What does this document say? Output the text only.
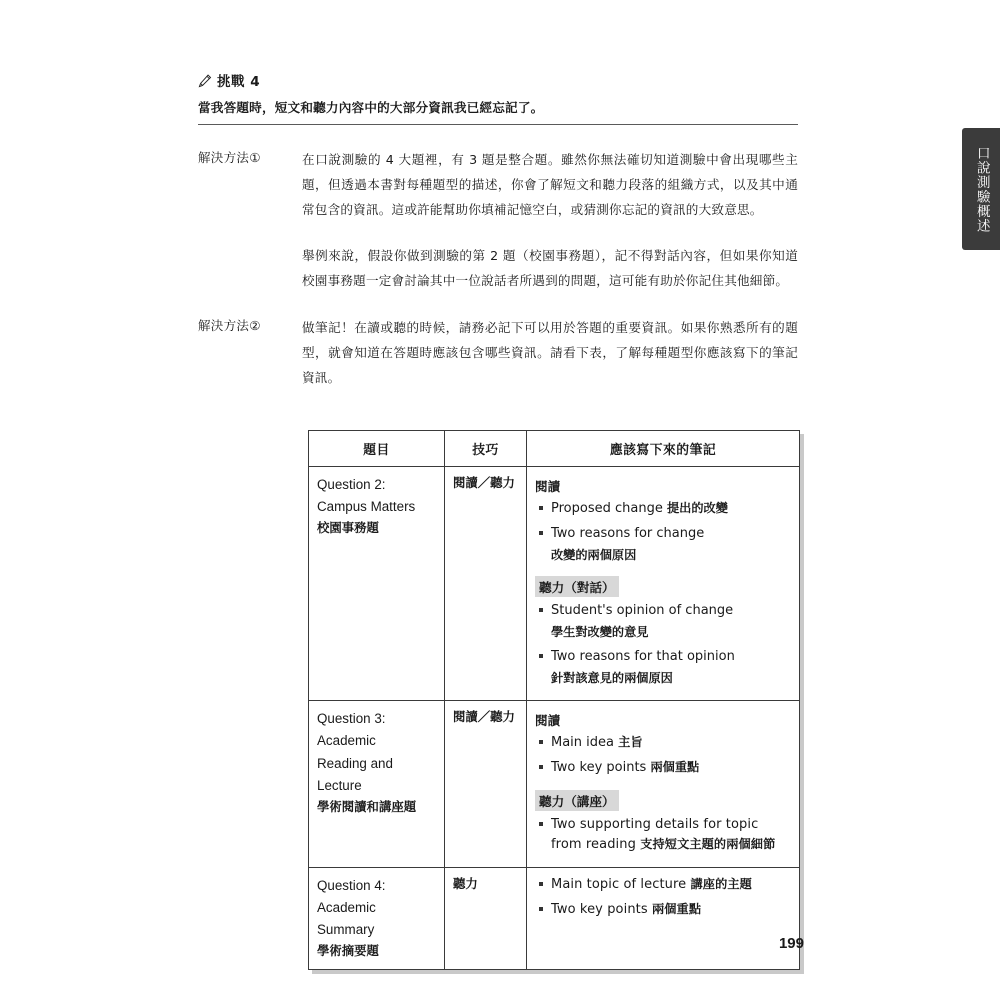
口說測驗概述
挑戰 4
當我答題時，短文和聽力內容中的大部分資訊我已經忘記了。
解決方法①	在口說測驗的 4 大題裡，有 3 題是整合題。雖然你無法確切知道測驗中會出現哪些主題，但透過本書對每種題型的描述，你會了解短文和聽力段落的組織方式，以及其中通常包含的資訊。這或許能幫助你填補記憶空白，或猜測你忘記的資訊的大致意思。

舉例來說，假設你做到測驗的第 2 題（校園事務題），記不得對話內容，但如果你知道校園事務題一定會討論其中一位說話者所遇到的問題，這可能有助於你記住其他細節。

解決方法②	做筆記！在讀或聽的時候，請務必記下可以用於答題的重要資訊。如果你熟悉所有的題型，就會知道在答題時應該包含哪些資訊。請看下表，了解每種題型你應該寫下的筆記資訊。

題目	技巧	應該寫下來的筆記

Question 2:
Campus Matters
校園事務題
	閱讀／聽力	閱讀
Proposed change 提出的改變
Two reasons for change
改變的兩個原因
聽力（對話）
Student's opinion of change
學生對改變的意見
Two reasons for that opinion
針對該意見的兩個原因

Question 3:
Academic
Reading and
Lecture
學術閱讀和講座題
	閱讀／聽力	閱讀
Main idea 主旨
Two key points 兩個重點
聽力（講座）
Two supporting details for topic from reading 支持短文主題的兩個細節

Question 4:
Academic
Summary
學術摘要題
	聽力	Main topic of lecture 講座的主題
Two key points 兩個重點
199
